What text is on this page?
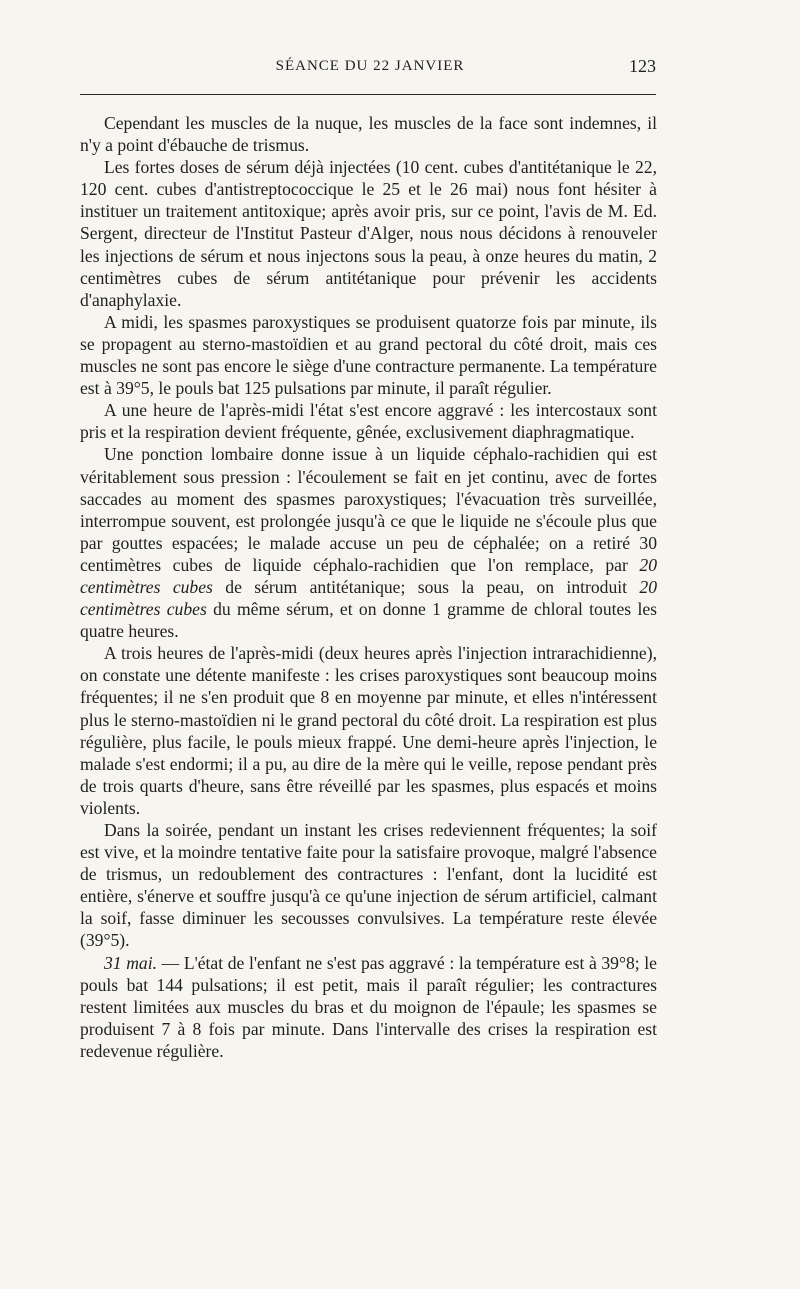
SÉANCE DU 22 JANVIER	123

Cependant les muscles de la nuque, les muscles de la face sont indemnes, il n'y a point d'ébauche de trismus.

Les fortes doses de sérum déjà injectées (10 cent. cubes d'antitétanique le 22, 120 cent. cubes d'antistreptococcique le 25 et le 26 mai) nous font hésiter à instituer un traitement antitoxique; après avoir pris, sur ce point, l'avis de M. Ed. Sergent, directeur de l'Institut Pasteur d'Alger, nous nous décidons à renouveler les injections de sérum et nous injectons sous la peau, à onze heures du matin, 2 centimètres cubes de sérum antitétanique pour prévenir les accidents d'anaphylaxie.

A midi, les spasmes paroxystiques se produisent quatorze fois par minute, ils se propagent au sterno-mastoïdien et au grand pectoral du côté droit, mais ces muscles ne sont pas encore le siège d'une contracture permanente. La température est à 39°5, le pouls bat 125 pulsations par minute, il paraît régulier.

A une heure de l'après-midi l'état s'est encore aggravé : les intercostaux sont pris et la respiration devient fréquente, gênée, exclusivement diaphragmatique.

Une ponction lombaire donne issue à un liquide céphalo-rachidien qui est véritablement sous pression : l'écoulement se fait en jet continu, avec de fortes saccades au moment des spasmes paroxystiques; l'évacuation très surveillée, interrompue souvent, est prolongée jusqu'à ce que le liquide ne s'écoule plus que par gouttes espacées; le malade accuse un peu de céphalée; on a retiré 30 centimètres cubes de liquide céphalo-rachidien que l'on remplace, par 20 centimètres cubes de sérum antitétanique; sous la peau, on introduit 20 centimètres cubes du même sérum, et on donne 1 gramme de chloral toutes les quatre heures.

A trois heures de l'après-midi (deux heures après l'injection intrarachidienne), on constate une détente manifeste : les crises paroxystiques sont beaucoup moins fréquentes; il ne s'en produit que 8 en moyenne par minute, et elles n'intéressent plus le sterno-mastoïdien ni le grand pectoral du côté droit. La respiration est plus régulière, plus facile, le pouls mieux frappé. Une demi-heure après l'injection, le malade s'est endormi; il a pu, au dire de la mère qui le veille, repose pendant près de trois quarts d'heure, sans être réveillé par les spasmes, plus espacés et moins violents.

Dans la soirée, pendant un instant les crises redeviennent fréquentes; la soif est vive, et la moindre tentative faite pour la satisfaire provoque, malgré l'absence de trismus, un redoublement des contractures : l'enfant, dont la lucidité est entière, s'énerve et souffre jusqu'à ce qu'une injection de sérum artificiel, calmant la soif, fasse diminuer les secousses convulsives. La température reste élevée (39°5).

31 mai. — L'état de l'enfant ne s'est pas aggravé : la température est à 39°8; le pouls bat 144 pulsations; il est petit, mais il paraît régulier; les contractures restent limitées aux muscles du bras et du moignon de l'épaule; les spasmes se produisent 7 à 8 fois par minute. Dans l'intervalle des crises la respiration est redevenue régulière.
